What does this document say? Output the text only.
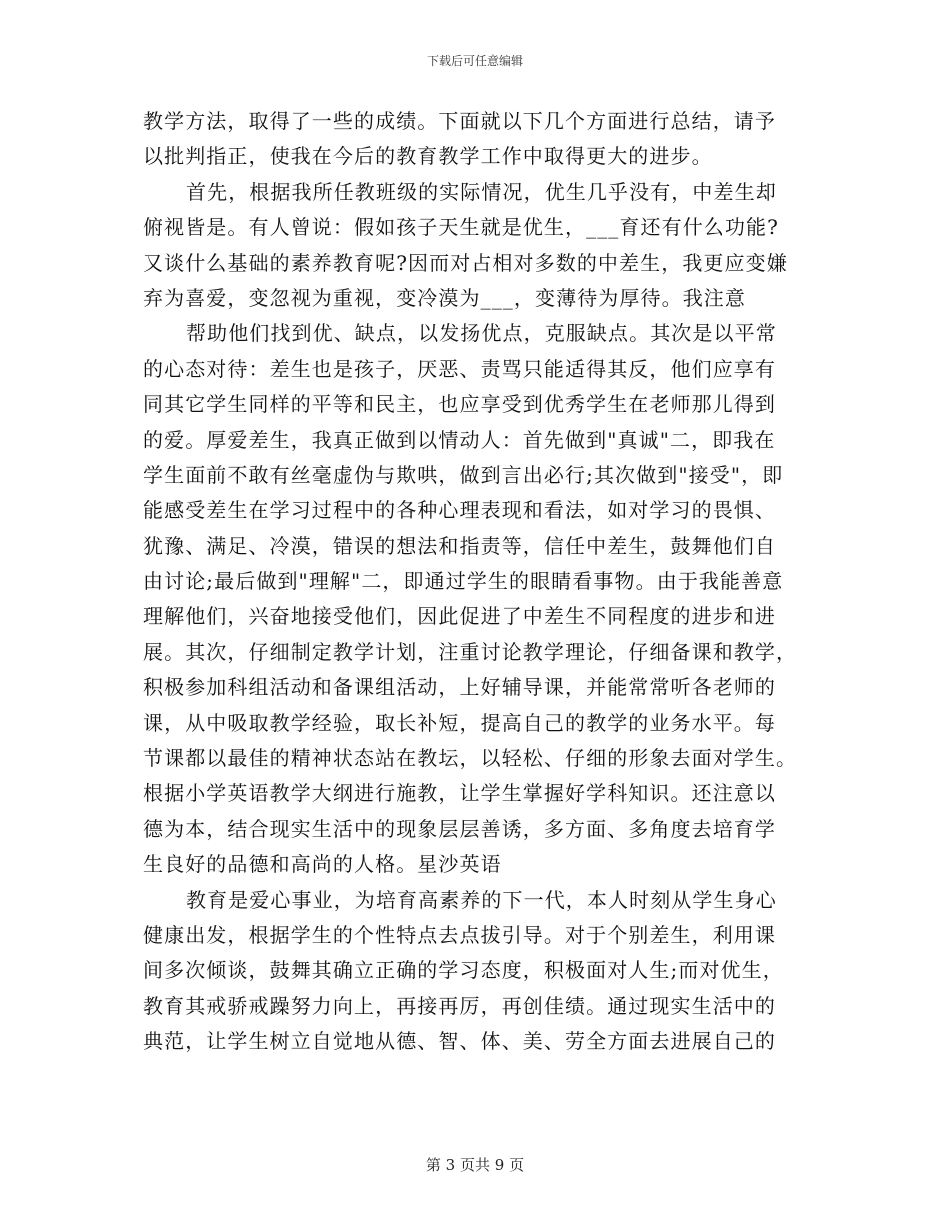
下载后可任意编辑
教学方法，取得了一些的成绩。下面就以下几个方面进行总结，请予
以批判指正，使我在今后的教育教学工作中取得更大的进步。
首先，根据我所任教班级的实际情况，优生几乎没有，中差生却
俯视皆是。有人曾说：假如孩子天生就是优生，___育还有什么功能?
又谈什么基础的素养教育呢?因而对占相对多数的中差生，我更应变嫌
弃为喜爱，变忽视为重视，变冷漠为___，变薄待为厚待。我注意
帮助他们找到优、缺点，以发扬优点，克服缺点。其次是以平常
的心态对待：差生也是孩子，厌恶、责骂只能适得其反，他们应享有
同其它学生同样的平等和民主，也应享受到优秀学生在老师那儿得到
的爱。厚爱差生，我真正做到以情动人：首先做到"真诚"二，即我在
学生面前不敢有丝毫虚伪与欺哄，做到言出必行;其次做到"接受"，即
能感受差生在学习过程中的各种心理表现和看法，如对学习的畏惧、
犹豫、满足、冷漠，错误的想法和指责等，信任中差生，鼓舞他们自
由讨论;最后做到"理解"二，即通过学生的眼睛看事物。由于我能善意
理解他们，兴奋地接受他们，因此促进了中差生不同程度的进步和进
展。其次，仔细制定教学计划，注重讨论教学理论，仔细备课和教学，
积极参加科组活动和备课组活动，上好辅导课，并能常常听各老师的
课，从中吸取教学经验，取长补短，提高自己的教学的业务水平。每
节课都以最佳的精神状态站在教坛，以轻松、仔细的形象去面对学生。
根据小学英语教学大纲进行施教，让学生掌握好学科知识。还注意以
德为本，结合现实生活中的现象层层善诱，多方面、多角度去培育学
生良好的品德和高尚的人格。星沙英语
教育是爱心事业，为培育高素养的下一代，本人时刻从学生身心
健康出发，根据学生的个性特点去点拔引导。对于个别差生，利用课
间多次倾谈，鼓舞其确立正确的学习态度，积极面对人生;而对优生，
教育其戒骄戒躁努力向上，再接再厉，再创佳绩。通过现实生活中的
典范，让学生树立自觉地从德、智、体、美、劳全方面去进展自己的
第 3 页共 9 页
